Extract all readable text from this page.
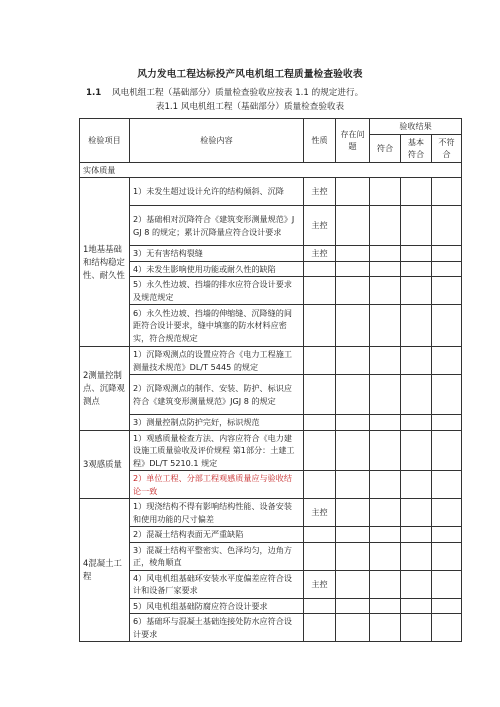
风力发电工程达标投产风电机组工程质量检查验收表
1.1 风电机组工程（基础部分）质量检查验收应按表 1.1 的规定进行。
表1.1 风电机组工程（基础部分）质量检查验收表
检验项目	检验内容	性质	存在问题	验收结果		
				符合	基本符合	不符合
实体质量						
1地基基础和结构稳定性、耐久性	1）未发生超过设计允许的结构倾斜、沉降	主控				
	2）基础相对沉降符合《建筑变形测量规范》JGJ 8 的规定；累计沉降量应符合设计要求	主控				
	3）无有害结构裂缝	主控				
	4）未发生影响使用功能或耐久性的缺陷					
	5）永久性边坡、挡墙的排水应符合设计要求及规范规定					
	6）永久性边坡、挡墙的伸缩缝、沉降缝的间距符合设计要求，缝中填塞的防水材料应密实，符合规范规定					
2测量控制点、沉降观测点	1）沉降观测点的设置应符合《电力工程施工测量技术规范》DL/T 5445 的规定					
	2）沉降观测点的制作、安装、防护、标识应符合《建筑变形测量规范》JGJ 8 的规定					
	3）测量控制点防护完好，标识规范					
3观感质量	1）观感质量检查方法、内容应符合《电力建设施工质量验收及评价规程 第1部分：土建工程》DL/T 5210.1 规定					
	2）单位工程、分部工程观感质量应与验收结论一致					
4混凝土工程	1）现浇结构不得有影响结构性能、设备安装和使用功能的尺寸偏差	主控				
	2）混凝土结构表面无严重缺陷					
	3）混凝土结构平整密实、色泽均匀，边角方正，棱角顺直					
	4）风电机组基础环安装水平度偏差应符合设计和设备厂家要求	主控				
	5）风电机组基础防腐应符合设计要求					
	6）基础环与混凝土基础连接处防水应符合设计要求					
